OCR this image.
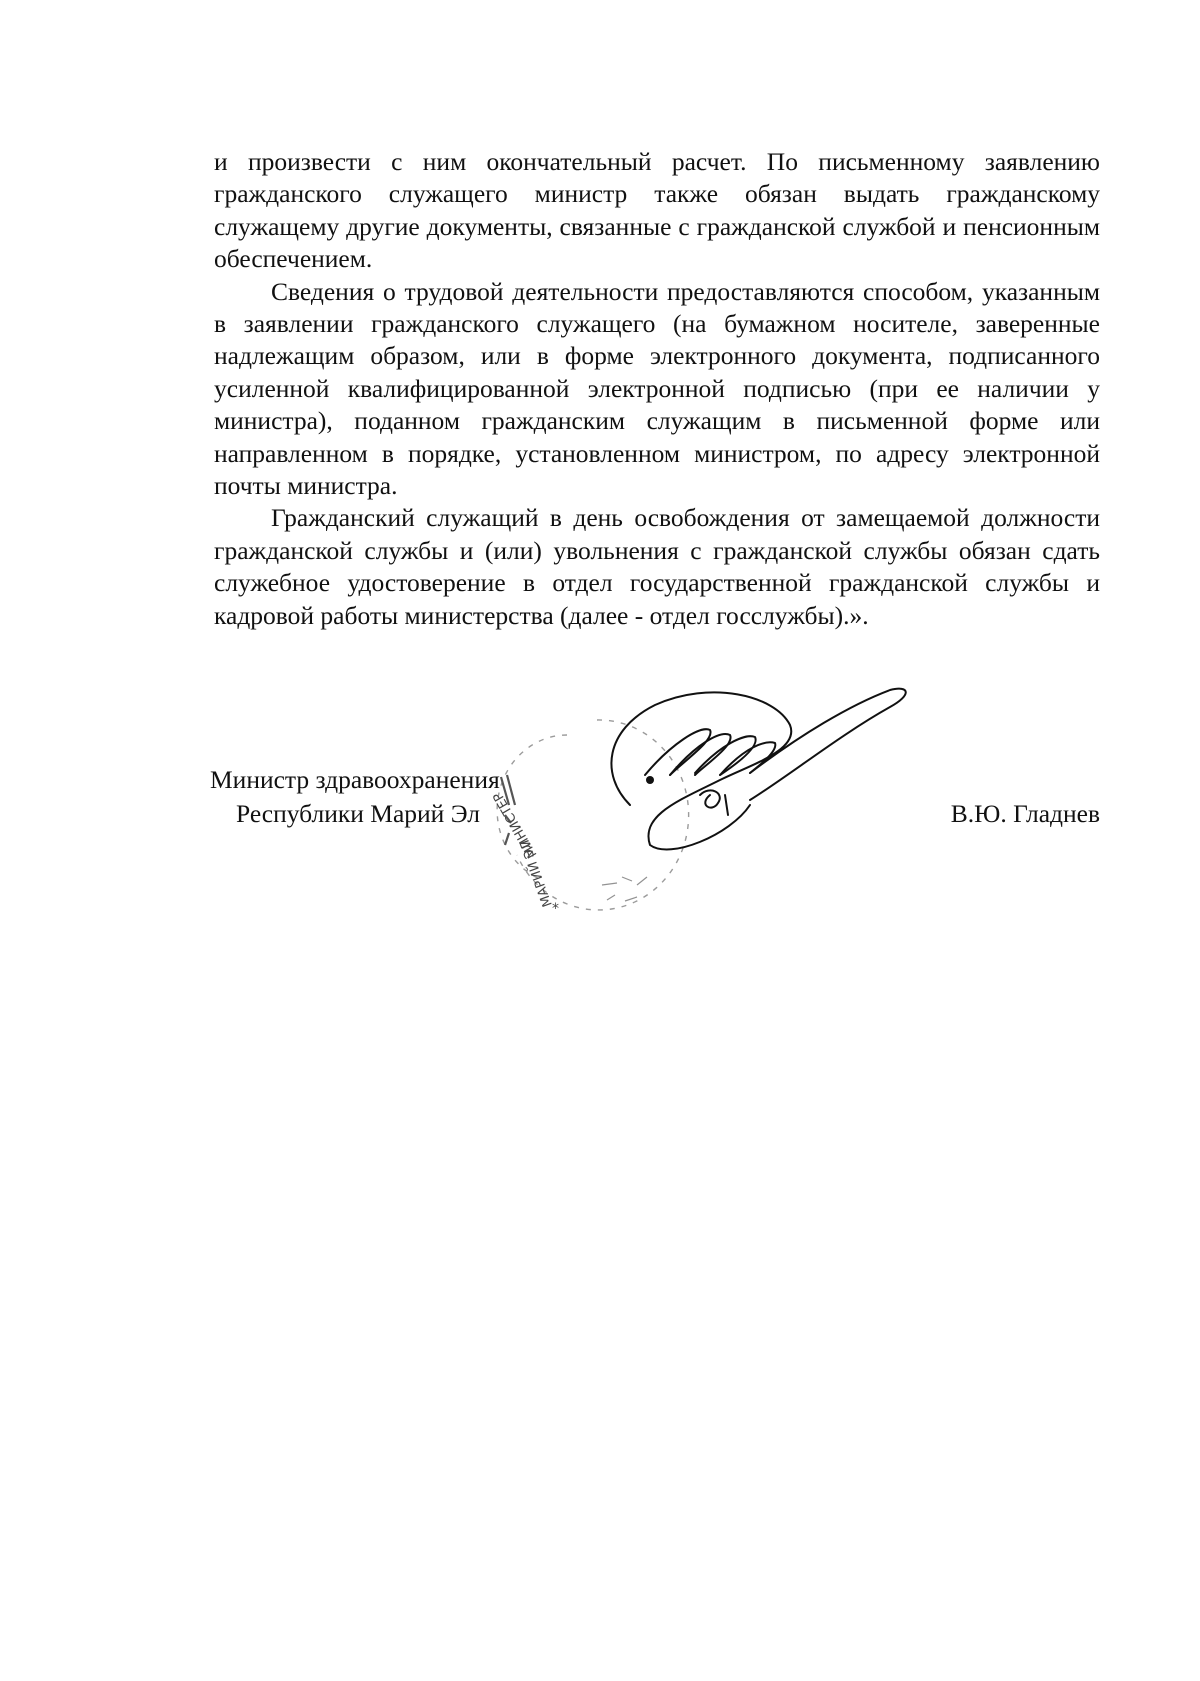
и произвести с ним окончательный расчет. По письменному заявлению гражданского служащего министр также обязан выдать гражданскому служащему другие документы, связанные с гражданской службой и пенсионным обеспечением.

Сведения о трудовой деятельности предоставляются способом, указанным в заявлении гражданского служащего (на бумажном носителе, заверенные надлежащим образом, или в форме электронного документа, подписанного усиленной квалифицированной электронной подписью (при ее наличии у министра), поданном гражданским служащим в письменной форме или направленном в порядке, установленном министром, по адресу электронной почты министра.

Гражданский служащий в день освобождения от замещаемой должности гражданской службы и (или) увольнения с гражданской службы обязан сдать служебное удостоверение в отдел государственной гражданской службы и кадровой работы министерства (далее - отдел госслужбы).».

Министр здравоохранения
Республики Марий Эл	В.Ю. Гладнев
МАРИЙ ЭЛ
МИНИСТЕР
*
